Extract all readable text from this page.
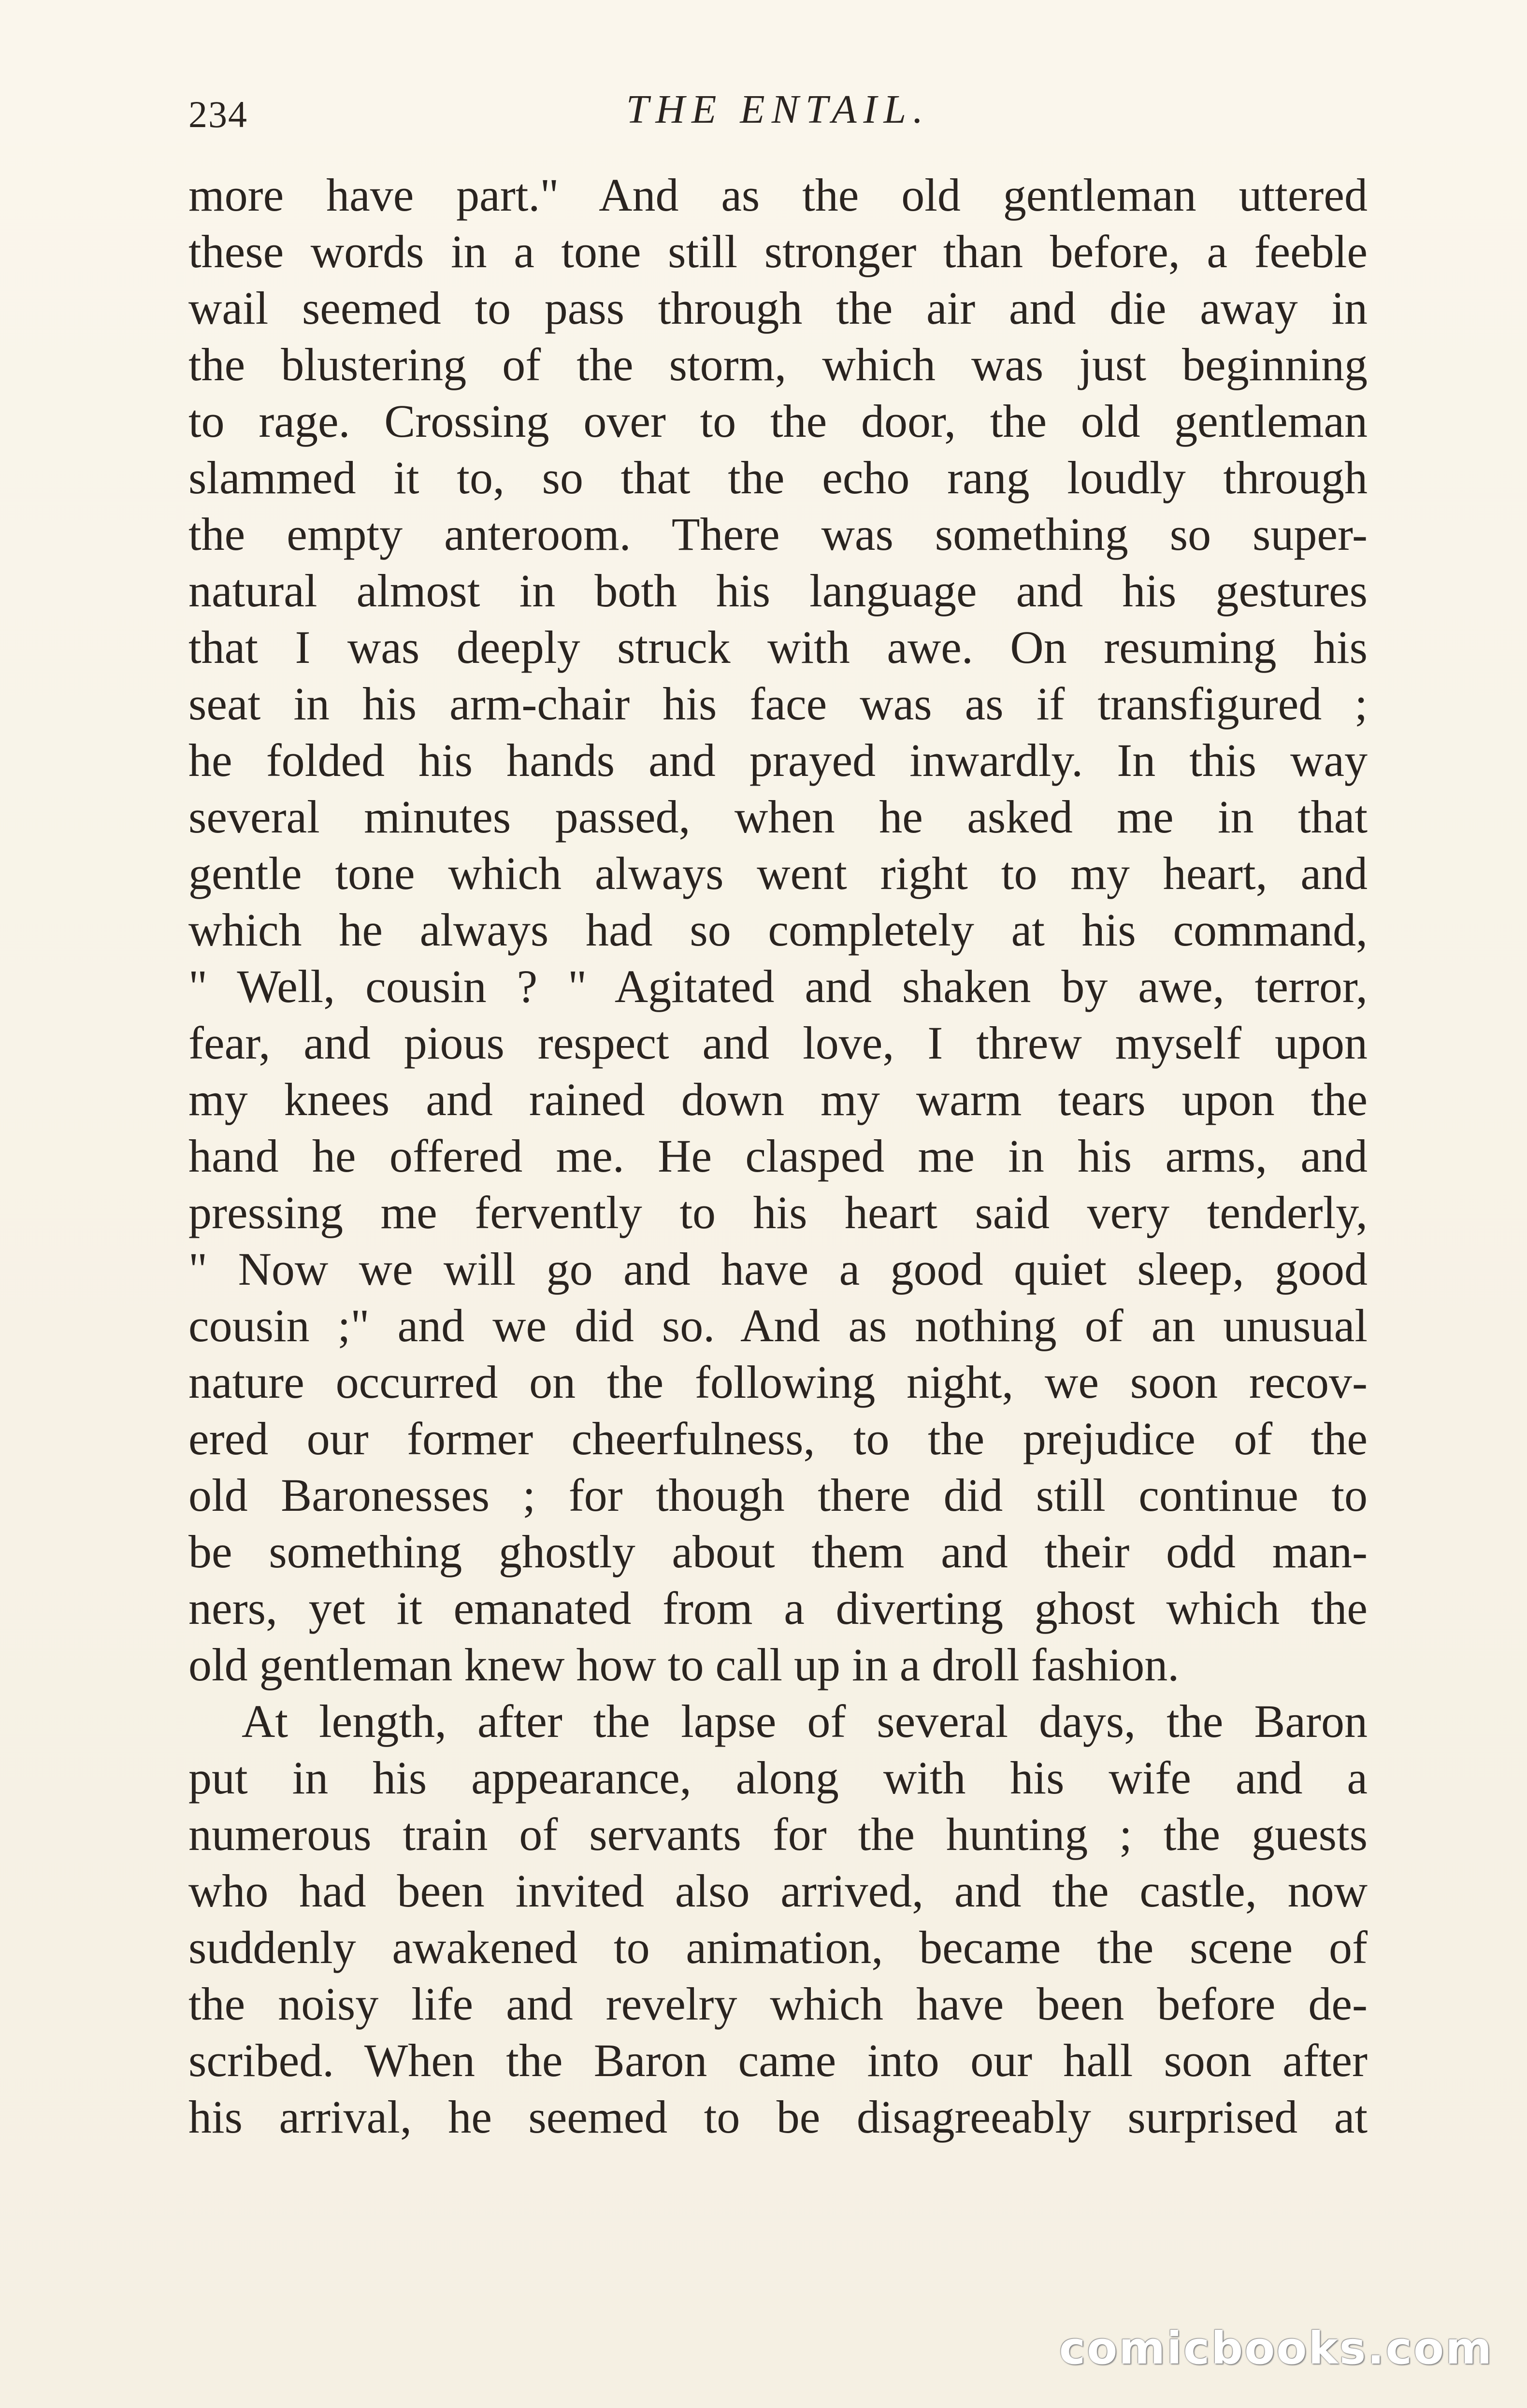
234	THE ENTAIL.
more have part." And as the old gentleman uttered
these words in a tone still stronger than before, a feeble
wail seemed to pass through the air and die away in
the blustering of the storm, which was just beginning
to rage. Crossing over to the door, the old gentleman
slammed it to, so that the echo rang loudly through
the empty anteroom. There was something so super-
natural almost in both his language and his gestures
that I was deeply struck with awe. On resuming his
seat in his arm-chair his face was as if transfigured ;
he folded his hands and prayed inwardly. In this way
several minutes passed, when he asked me in that
gentle tone which always went right to my heart, and
which he always had so completely at his command,
" Well, cousin ? " Agitated and shaken by awe, terror,
fear, and pious respect and love, I threw myself upon
my knees and rained down my warm tears upon the
hand he offered me. He clasped me in his arms, and
pressing me fervently to his heart said very tenderly,
" Now we will go and have a good quiet sleep, good
cousin ;" and we did so. And as nothing of an unusual
nature occurred on the following night, we soon recov-
ered our former cheerfulness, to the prejudice of the
old Baronesses ; for though there did still continue to
be something ghostly about them and their odd man-
ners, yet it emanated from a diverting ghost which the
old gentleman knew how to call up in a droll fashion.
At length, after the lapse of several days, the Baron
put in his appearance, along with his wife and a
numerous train of servants for the hunting ; the guests
who had been invited also arrived, and the castle, now
suddenly awakened to animation, became the scene of
the noisy life and revelry which have been before de-
scribed. When the Baron came into our hall soon after
his arrival, he seemed to be disagreeably surprised at
comicbooks.com
